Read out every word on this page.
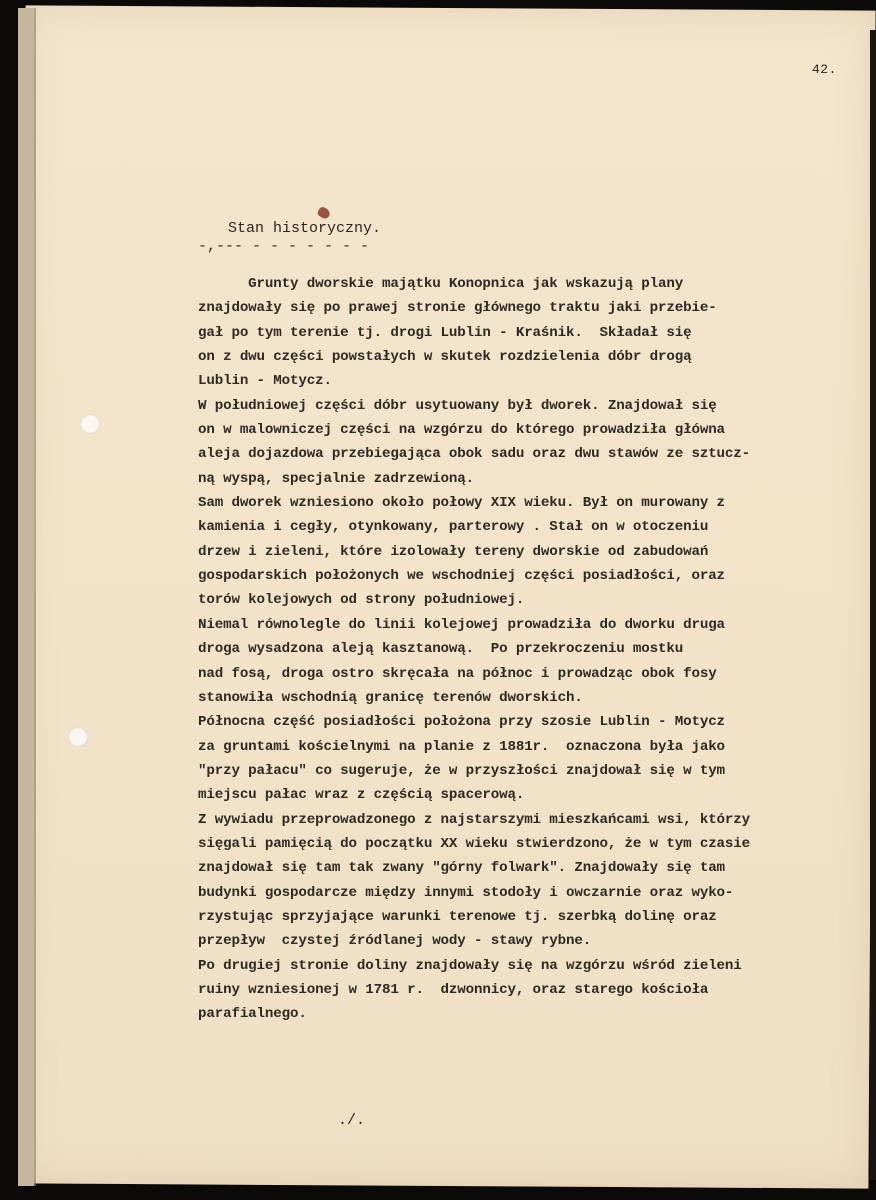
42.
Stan historyczny.
-,--- - - - - - - -
Grunty dworskie majątku Konopnica jak wskazują plany
znajdowały się po prawej stronie głównego traktu jaki przebie-
gał po tym terenie tj. drogi Lublin - Kraśnik.  Składał się
on z dwu części powstałych w skutek rozdzielenia dóbr drogą
Lublin - Motycz.
W południowej części dóbr usytuowany był dworek. Znajdował się
on w malowniczej części na wzgórzu do którego prowadziła główna
aleja dojazdowa przebiegająca obok sadu oraz dwu stawów ze sztucz-
ną wyspą, specjalnie zadrzewioną.
Sam dworek wzniesiono około połowy XIX wieku. Był on murowany z
kamienia i cegły, otynkowany, parterowy . Stał on w otoczeniu
drzew i zieleni, które izolowały tereny dworskie od zabudowań
gospodarskich położonych we wschodniej części posiadłości, oraz
torów kolejowych od strony południowej.
Niemal równolegle do linii kolejowej prowadziła do dworku druga
droga wysadzona aleją kasztanową.  Po przekroczeniu mostku
nad fosą, droga ostro skręcała na północ i prowadząc obok fosy
stanowiła wschodnią granicę terenów dworskich.
Północna część posiadłości położona przy szosie Lublin - Motycz
za gruntami kościelnymi na planie z 1881r.  oznaczona była jako
"przy pałacu" co sugeruje, że w przyszłości znajdował się w tym
miejscu pałac wraz z częścią spacerową.
Z wywiadu przeprowadzonego z najstarszymi mieszkańcami wsi, którzy
sięgali pamięcią do początku XX wieku stwierdzono, że w tym czasie
znajdował się tam tak zwany "górny folwark". Znajdowały się tam
budynki gospodarcze między innymi stodoły i owczarnie oraz wyko-
rzystując sprzyjające warunki terenowe tj. szerbką dolinę oraz
przepływ  czystej źródlanej wody - stawy rybne.
Po drugiej stronie doliny znajdowały się na wzgórzu wśród zieleni
ruiny wzniesionej w 1781 r.  dzwonnicy, oraz starego kościoła
parafialnego.
./.
